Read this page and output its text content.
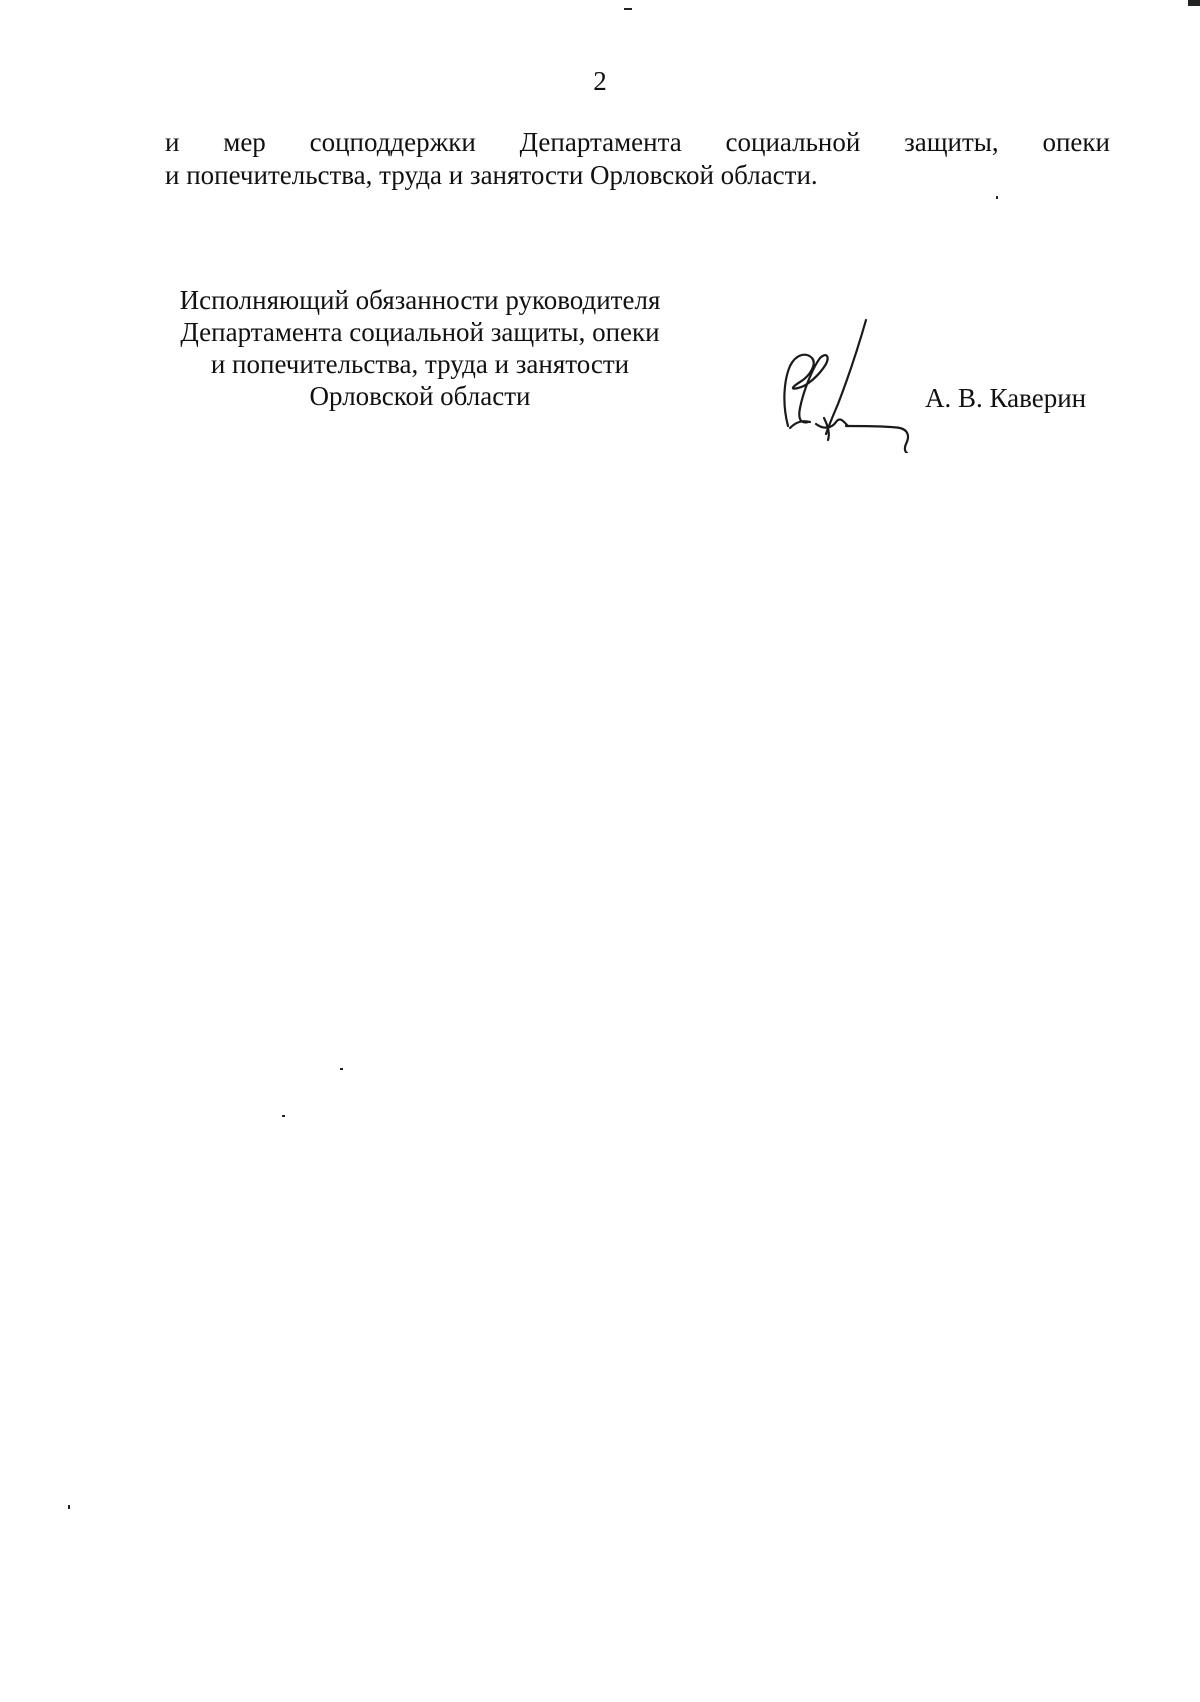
2
и мер соцподдержки Департамента социальной защиты, опеки
и попечительства, труда и занятости Орловской области.
Исполняющий обязанности руководителя
Департамента социальной защиты, опеки
и попечительства, труда и занятости
Орловской области	А. В. Каверин
